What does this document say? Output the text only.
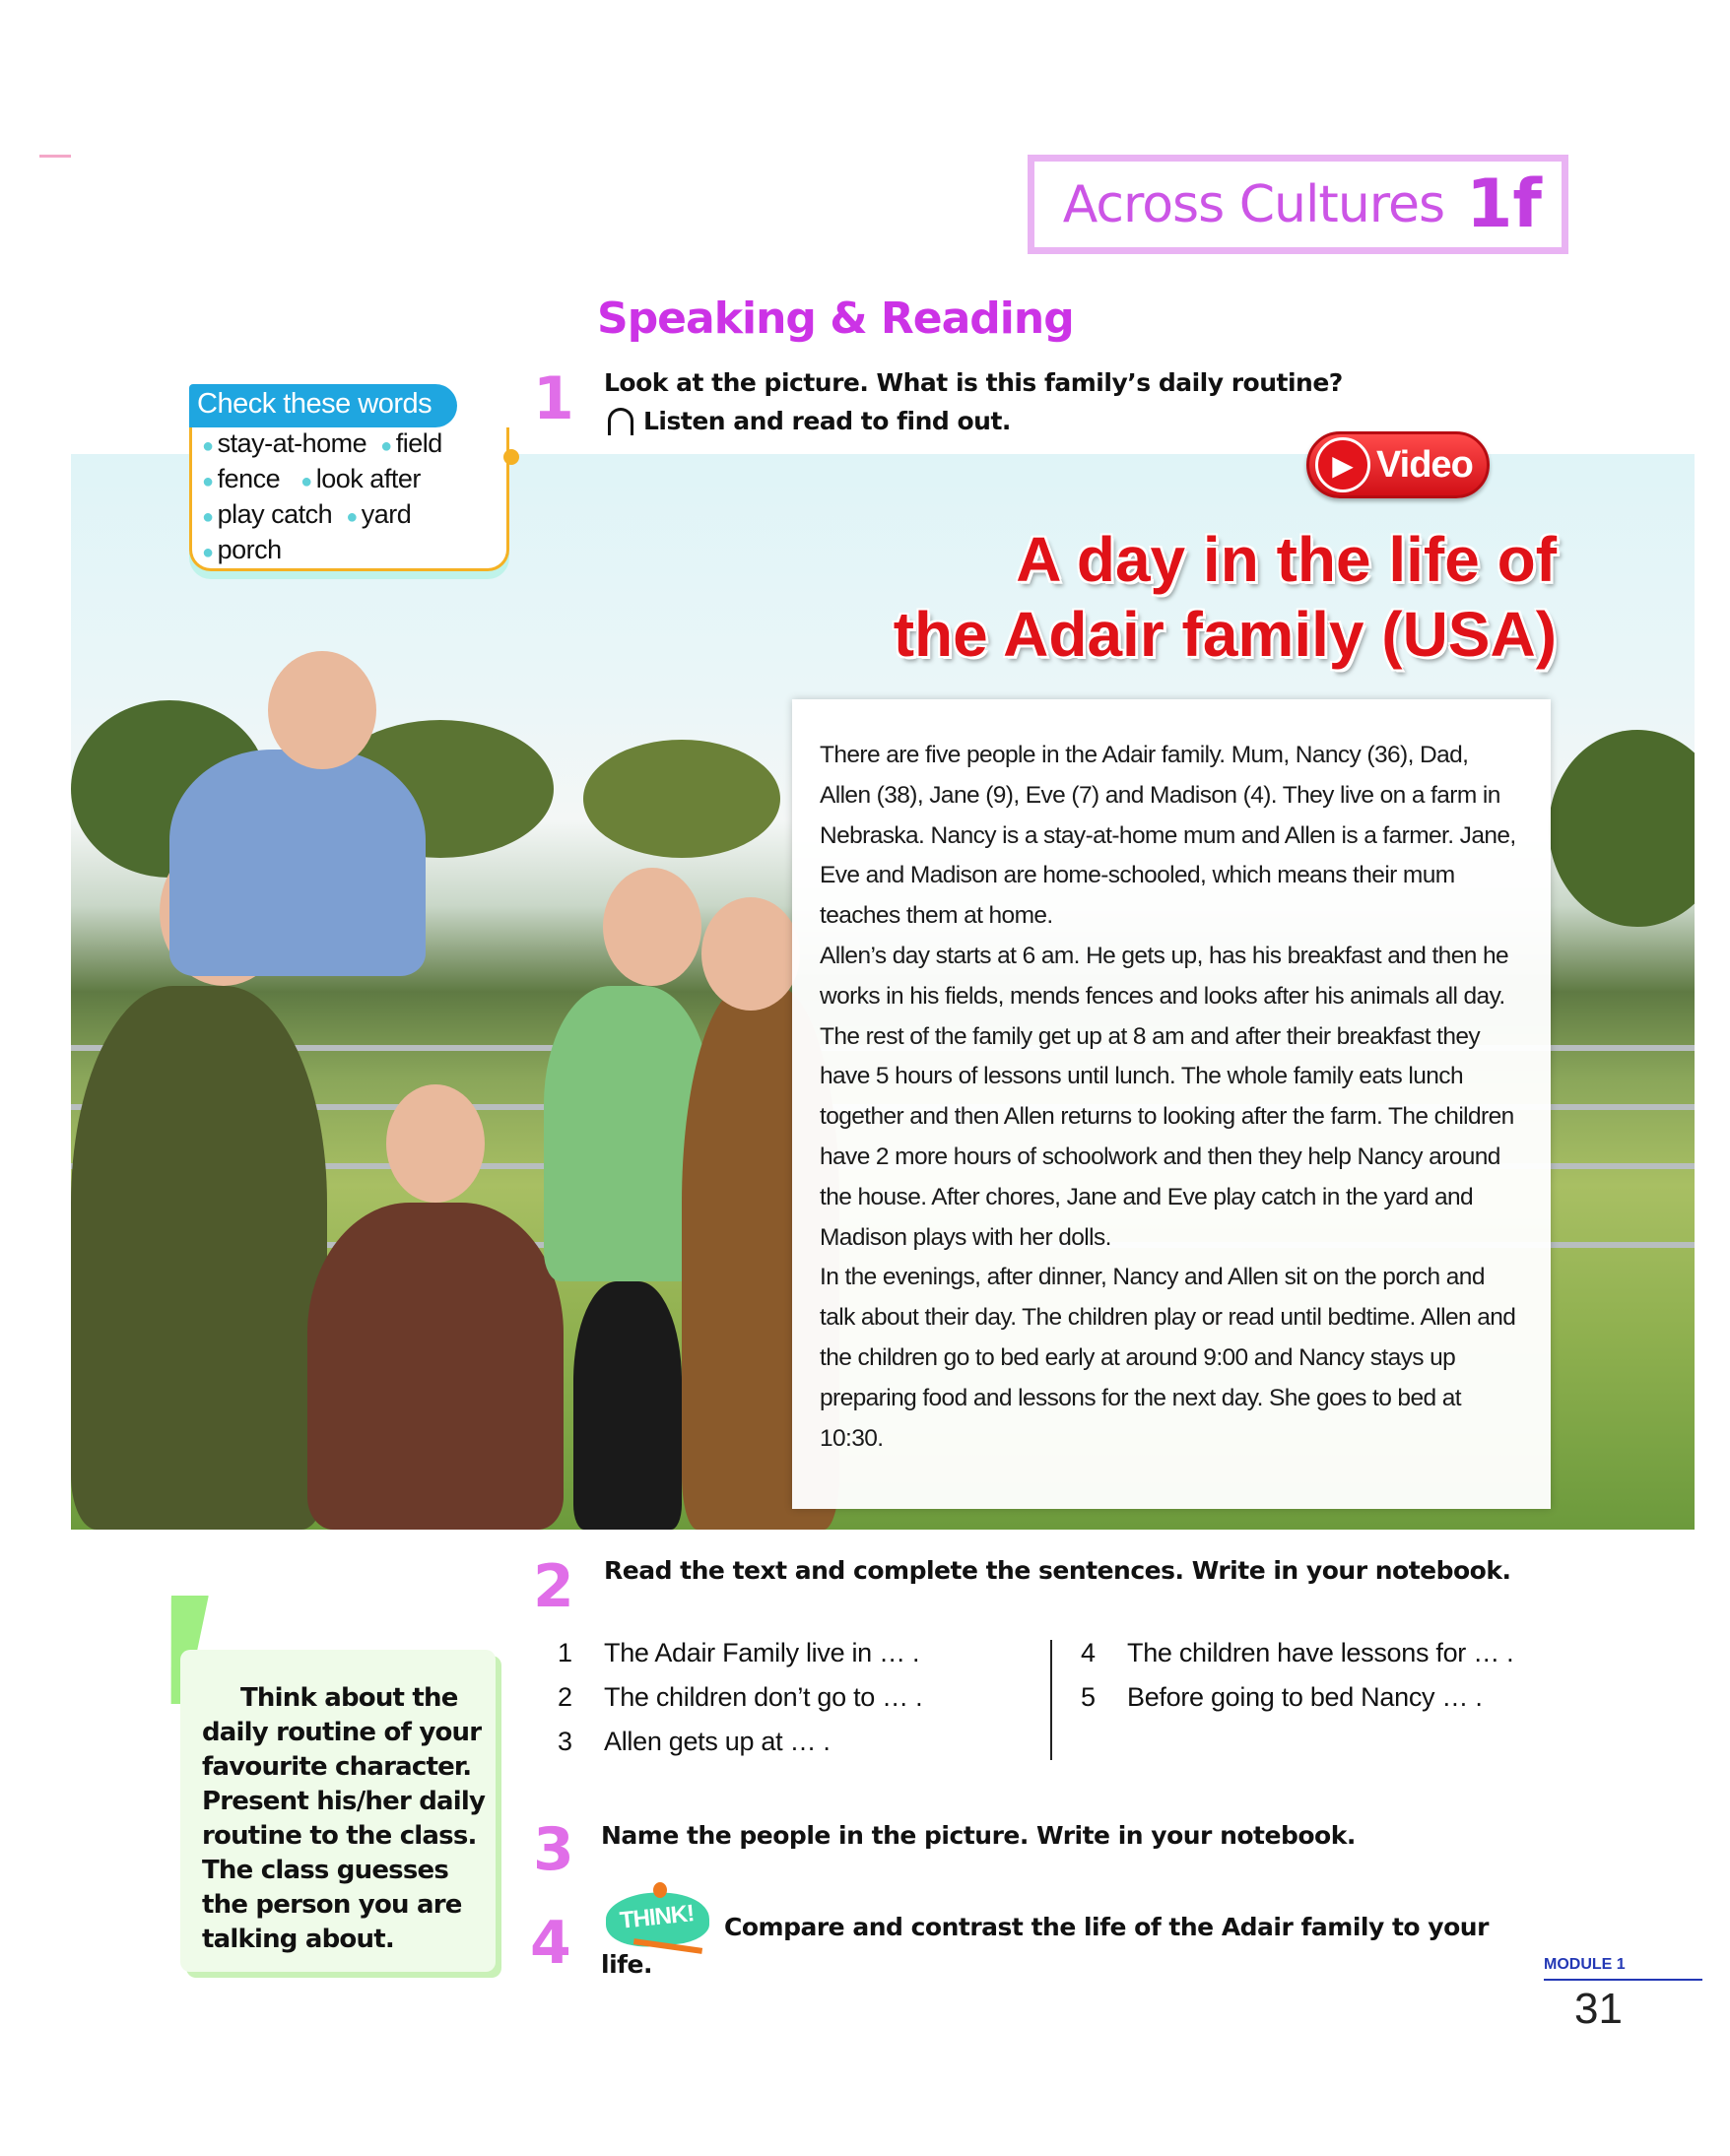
Across Cultures 1f
Speaking & Reading
1 Look at the picture. What is this family’s daily routine?
Listen and read to find out.
Check these words
● stay-at-home ● field
● fence ● look after
● play catch ● yard
● porch
▶ Video
A day in the life of
the Adair family (USA)

There are five people in the Adair family. Mum, Nancy (36), Dad, Allen (38), Jane (9), Eve (7) and Madison (4). They live on a farm in Nebraska. Nancy is a stay-at-home mum and Allen is a farmer. Jane, Eve and Madison are home-schooled, which means their mum teaches them at home.

Allen’s day starts at 6 am. He gets up, has his breakfast and then he works in his fields, mends fences and looks after his animals all day. The rest of the family get up at 8 am and after their breakfast they have 5 hours of lessons until lunch. The whole family eats lunch together and then Allen returns to looking after the farm. The children have 2 more hours of schoolwork and then they help Nancy around the house. After chores, Jane and Eve play catch in the yard and Madison plays with her dolls.

In the evenings, after dinner, Nancy and Allen sit on the porch and talk about their day. The children play or read until bedtime. Allen and the children go to bed early at around 9:00 and Nancy stays up preparing food and lessons for the next day. She goes to bed at 10:30.

2 Read the text and complete the sentences. Write in your notebook.
1 The Adair Family live in … .
2 The children don’t go to … .
3 Allen gets up at … .
4 The children have lessons for … .
5 Before going to bed Nancy … .
Think about the daily routine of your favourite character. Present his/her daily routine to the class. The class guesses the person you are talking about.
3 Name the people in the picture. Write in your notebook.
4 THINK! Compare and contrast the life of the Adair family to your
life.	MODULE 1
31
